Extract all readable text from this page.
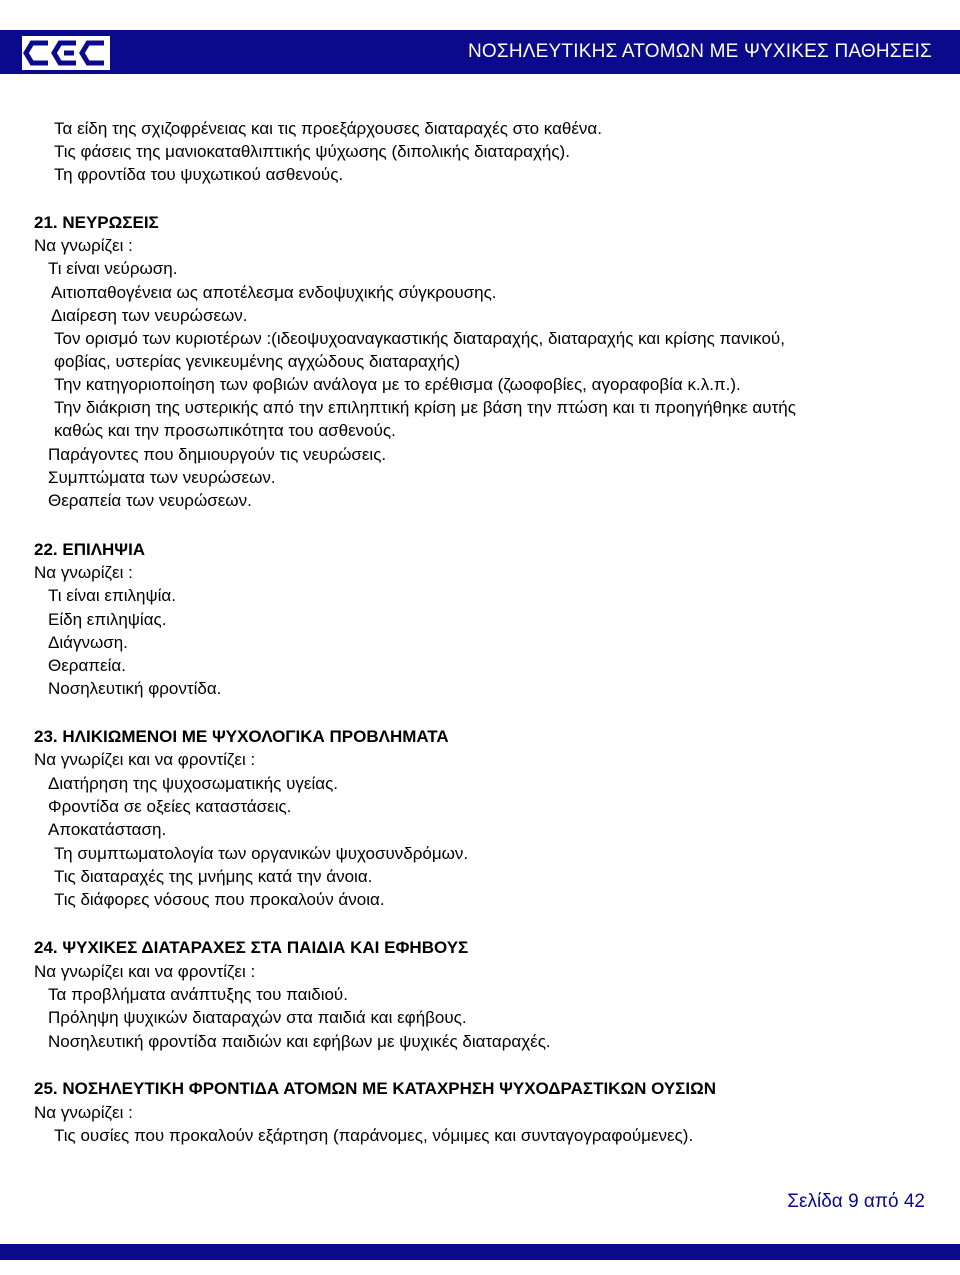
ΝΟΣΗΛΕΥΤΙΚΗΣ ΑΤΟΜΩΝ ΜΕ ΨΥΧΙΚΕΣ ΠΑΘΗΣΕΙΣ
Τα είδη της σχιζοφρένειας και τις προεξάρχουσες διαταραχές στο καθένα.
Τις φάσεις της μανιοκαταθλιπτικής ψύχωσης (διπολικής διαταραχής).
Τη φροντίδα του ψυχωτικού ασθενούς.
21. ΝΕΥΡΩΣΕΙΣ
Να γνωρίζει :
Τι είναι νεύρωση.
Αιτιοπαθογένεια ως αποτέλεσμα ενδοψυχικής σύγκρουσης.
Διαίρεση των νευρώσεων.
Τον ορισμό των κυριοτέρων :(ιδεοψυχοαναγκαστικής διαταραχής, διαταραχής και κρίσης πανικού,
φοβίας, υστερίας γενικευμένης αγχώδους διαταραχής)
Την κατηγοριοποίηση των φοβιών ανάλογα με το ερέθισμα (ζωοφοβίες, αγοραφοβία κ.λ.π.).
Την διάκριση της υστερικής από την επιληπτική κρίση με βάση την πτώση και τι προηγήθηκε αυτής
καθώς και την προσωπικότητα του ασθενούς.
Παράγοντες που δημιουργούν τις νευρώσεις.
Συμπτώματα των νευρώσεων.
Θεραπεία των νευρώσεων.
22. ΕΠΙΛΗΨΙΑ
Να γνωρίζει :
Τι είναι επιληψία.
Είδη επιληψίας.
Διάγνωση.
Θεραπεία.
Νοσηλευτική φροντίδα.
23. ΗΛΙΚΙΩΜΕΝΟΙ ΜΕ ΨΥΧΟΛΟΓΙΚΑ ΠΡΟΒΛΗΜΑΤΑ
Να γνωρίζει και να φροντίζει :
Διατήρηση της ψυχοσωματικής υγείας.
Φροντίδα σε οξείες καταστάσεις.
Αποκατάσταση.
Τη συμπτωματολογία των οργανικών ψυχοσυνδρόμων.
Τις διαταραχές της μνήμης κατά την άνοια.
Τις διάφορες νόσους που προκαλούν άνοια.
24. ΨΥΧΙΚΕΣ ΔΙΑΤΑΡΑΧΕΣ ΣΤΑ ΠΑΙΔΙΑ ΚΑΙ ΕΦΗΒΟΥΣ
Να γνωρίζει και να φροντίζει :
Τα προβλήματα ανάπτυξης του παιδιού.
Πρόληψη ψυχικών διαταραχών στα παιδιά και εφήβους.
Νοσηλευτική φροντίδα παιδιών και εφήβων με ψυχικές διαταραχές.
25. ΝΟΣΗΛΕΥΤΙΚΗ ΦΡΟΝΤΙΔΑ ΑΤΟΜΩΝ ΜΕ ΚΑΤΑΧΡΗΣΗ ΨΥΧΟΔΡΑΣΤΙΚΩΝ ΟΥΣΙΩΝ
Να γνωρίζει :
Τις ουσίες που προκαλούν εξάρτηση (παράνομες, νόμιμες και συνταγογραφούμενες).
Σελίδα 9 από 42
